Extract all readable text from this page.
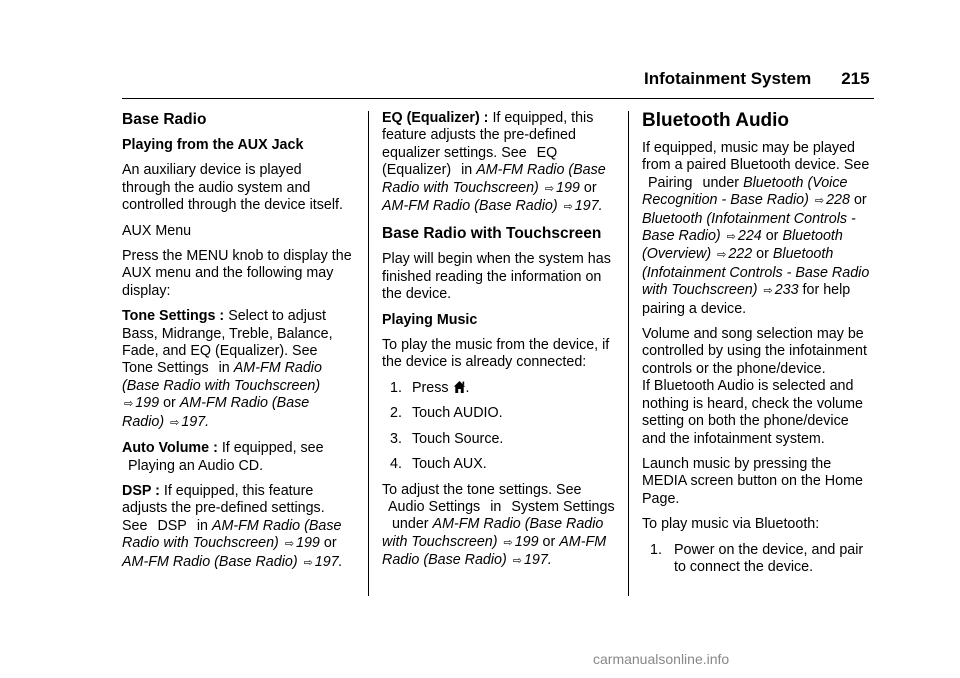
Infotainment System 215
Base Radio

Playing from the AUX Jack

An auxiliary device is played through the audio system and controlled through the device itself.

AUX Menu

Press the MENU knob to display the AUX menu and the following may display:

Tone Settings : Select to adjust Bass, Midrange, Treble, Balance, Fade, and EQ (Equalizer). See Tone Settings in AM-FM Radio (Base Radio with Touchscreen) ⇨ 199 or AM-FM Radio (Base Radio) ⇨ 197.

Auto Volume : If equipped, see
Playing an Audio CD.

DSP : If equipped, this feature adjusts the pre-defined settings. See DSP in AM-FM Radio (Base Radio with Touchscreen) ⇨ 199 or AM-FM Radio (Base Radio) ⇨ 197.

EQ (Equalizer) : If equipped, this feature adjusts the pre-defined equalizer settings. See EQ (Equalizer) in AM-FM Radio (Base Radio with Touchscreen) ⇨ 199 or AM-FM Radio (Base Radio) ⇨ 197.

Base Radio with Touchscreen

Play will begin when the system has finished reading the information on the device.

Playing Music

To play the music from the device, if the device is already connected:

1. Press .
2. Touch AUDIO.
3. Touch Source.
4. Touch AUX.

To adjust the tone settings. See
Audio Settings in System Settings under AM-FM Radio (Base Radio with Touchscreen) ⇨ 199 or AM-FM Radio (Base Radio) ⇨ 197.

Bluetooth Audio

If equipped, music may be played from a paired Bluetooth device. See
Pairing under Bluetooth (Voice Recognition - Base Radio) ⇨ 228 or Bluetooth (Infotainment Controls - Base Radio) ⇨ 224 or Bluetooth (Overview) ⇨ 222 or Bluetooth (Infotainment Controls - Base Radio with Touchscreen) ⇨ 233 for help pairing a device.

Volume and song selection may be controlled by using the infotainment controls or the phone/device.

If Bluetooth Audio is selected and nothing is heard, check the volume setting on both the phone/device and the infotainment system.

Launch music by pressing the MEDIA screen button on the Home Page.

To play music via Bluetooth:

1. Power on the device, and pair to connect the device.
carmanualsonline.info
